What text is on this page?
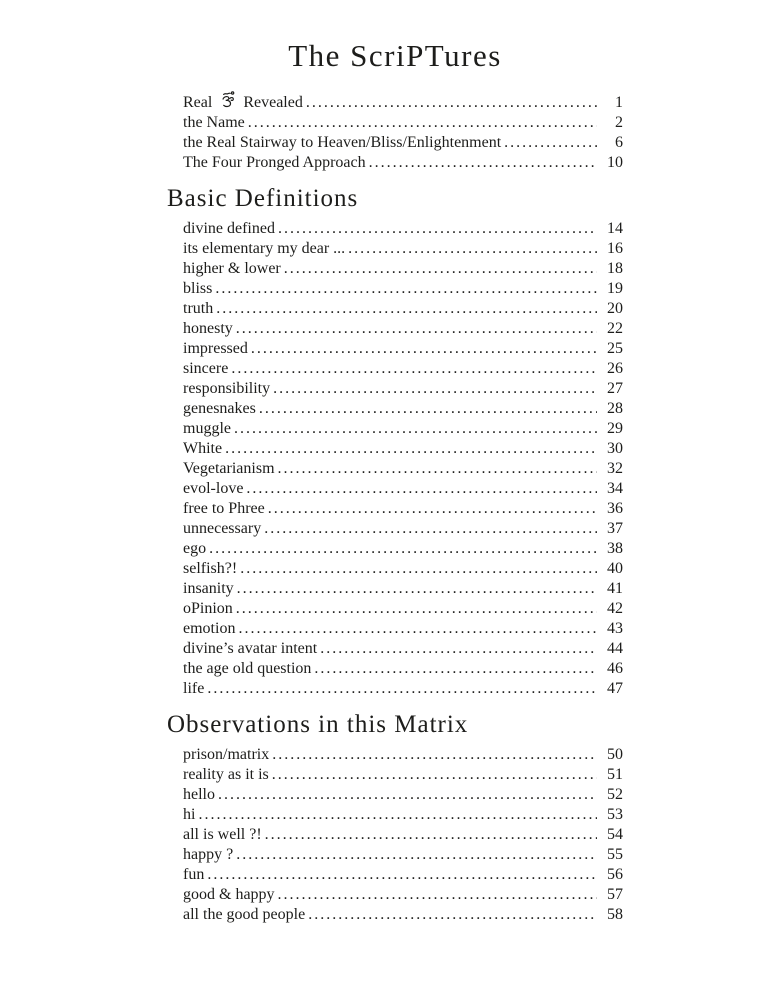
The ScriPTures
Real  Revealed .....	1
the Name .....	2
the Real Stairway to Heaven/Bliss/Enlightenment .....	6
The Four Pronged Approach .....	10
Basic Definitions
divine defined .....	14
its elementary my dear ... .....	16
higher & lower .....	18
bliss .....	19
truth .....	20
honesty .....	22
impressed .....	25
sincere .....	26
responsibility .....	27
genesnakes .....	28
muggle .....	29
White .....	30
Vegetarianism .....	32
evol-love .....	34
free to Phree .....	36
unnecessary .....	37
ego .....	38
selfish?! .....	40
insanity .....	41
oPinion .....	42
emotion .....	43
divine’s avatar intent .....	44
the age old question .....	46
life .....	47
Observations in this Matrix
prison/matrix .....	50
reality as it is .....	51
hello .....	52
hi .....	53
all is well ?! .....	54
happy ? .....	55
fun .....	56
good & happy .....	57
all the good people .....	58
